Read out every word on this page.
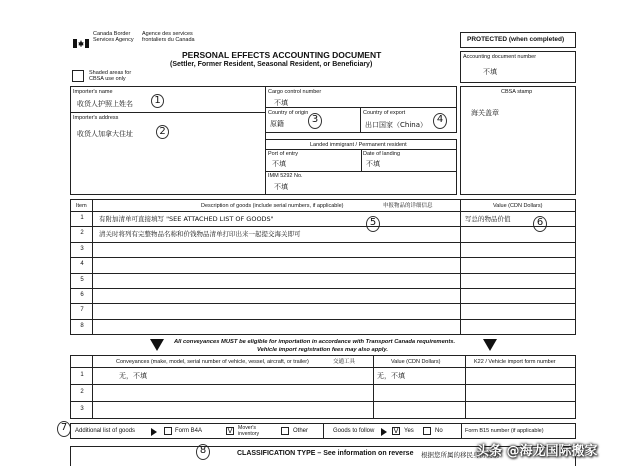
Canada Border
Services Agency
Agence des services
frontaliers du Canada
PERSONAL EFFECTS ACCOUNTING DOCUMENT
(Settler, Former Resident, Seasonal Resident, or Beneficiary)
PROTECTED (when completed)
Accounting document number
不填
Shaded areas for
CBSA use only
Importer's name
收货人护照上姓名	1
Importer's address
收货人加拿大住址	2
Cargo control number
不填
Country of origin
原籍	3
Country of export
出口国家（China） 4
Landed immigrant / Permanent resident
Port of entry
不填
Date of landing
不填
IMM 5292 No.
不填
CBSA stamp
海关盖章
Item	Description of goods (include serial numbers, if applicable)	申报物品的详细信息	Value (CDN Dollars)
5	6
1	有附加清单可直接填写 "SEE ATTACHED LIST OF GOODS"	写总的物品价值
2	清关时将列有完整物品名称和价钱物品清单打印出来一起提交海关即可
3
4
5
6
7
8
All conveyances MUST be eligible for importation in accordance with Transport Canada requirements.
Vehicle import registration fees may also apply.
Conveyances (make, model, serial number of vehicle, vessel, aircraft, or trailer)	交通工具	Value (CDN Dollars)	K22 / Vehicle import form number
1	无，不填	无，不填
2
3
7	Additional list of goods	Form B4A	V	Mover's inventory	Other	Goods to follow	V Yes	No	Form B15 number (if applicable)
8	CLASSIFICATION TYPE – See information on reverse 根据您所属的移民身份类别
头条 @海龙国际搬家
